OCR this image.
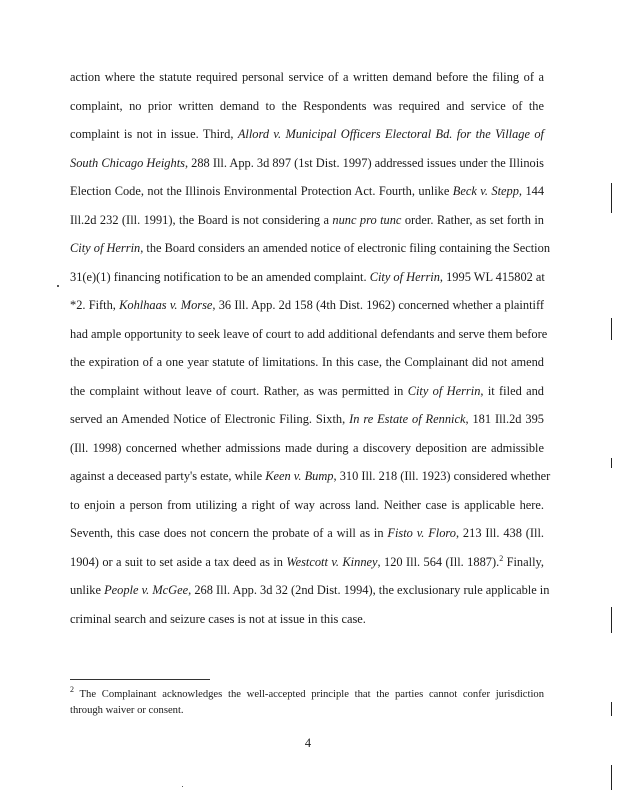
action where the statute required personal service of a written demand before the filing of a
complaint, no prior written demand to the Respondents was required and service of the
complaint is not in issue. Third, Allord v. Municipal Officers Electoral Bd. for the Village of
South Chicago Heights, 288 Ill. App. 3d 897 (1st Dist. 1997) addressed issues under the Illinois
Election Code, not the Illinois Environmental Protection Act. Fourth, unlike Beck v. Stepp, 144
Ill.2d 232 (Ill. 1991), the Board is not considering a nunc pro tunc order. Rather, as set forth in
City of Herrin, the Board considers an amended notice of electronic filing containing the Section
31(e)(1) financing notification to be an amended complaint. City of Herrin, 1995 WL 415802 at
*2. Fifth, Kohlhaas v. Morse, 36 Ill. App. 2d 158 (4th Dist. 1962) concerned whether a plaintiff
had ample opportunity to seek leave of court to add additional defendants and serve them before
the expiration of a one year statute of limitations. In this case, the Complainant did not amend
the complaint without leave of court. Rather, as was permitted in City of Herrin, it filed and
served an Amended Notice of Electronic Filing. Sixth, In re Estate of Rennick, 181 Ill.2d 395
(Ill. 1998) concerned whether admissions made during a discovery deposition are admissible
against a deceased party's estate, while Keen v. Bump, 310 Ill. 218 (Ill. 1923) considered whether
to enjoin a person from utilizing a right of way across land. Neither case is applicable here.
Seventh, this case does not concern the probate of a will as in Fisto v. Floro, 213 Ill. 438 (Ill.
1904) or a suit to set aside a tax deed as in Westcott v. Kinney, 120 Ill. 564 (Ill. 1887).$^2$ Finally,
unlike People v. McGee, 268 Ill. App. 3d 32 (2nd Dist. 1994), the exclusionary rule applicable in
criminal search and seizure cases is not at issue in this case.
$^2$ The Complainant acknowledges the well-accepted principle that the parties cannot confer jurisdiction
through waiver or consent.
4
